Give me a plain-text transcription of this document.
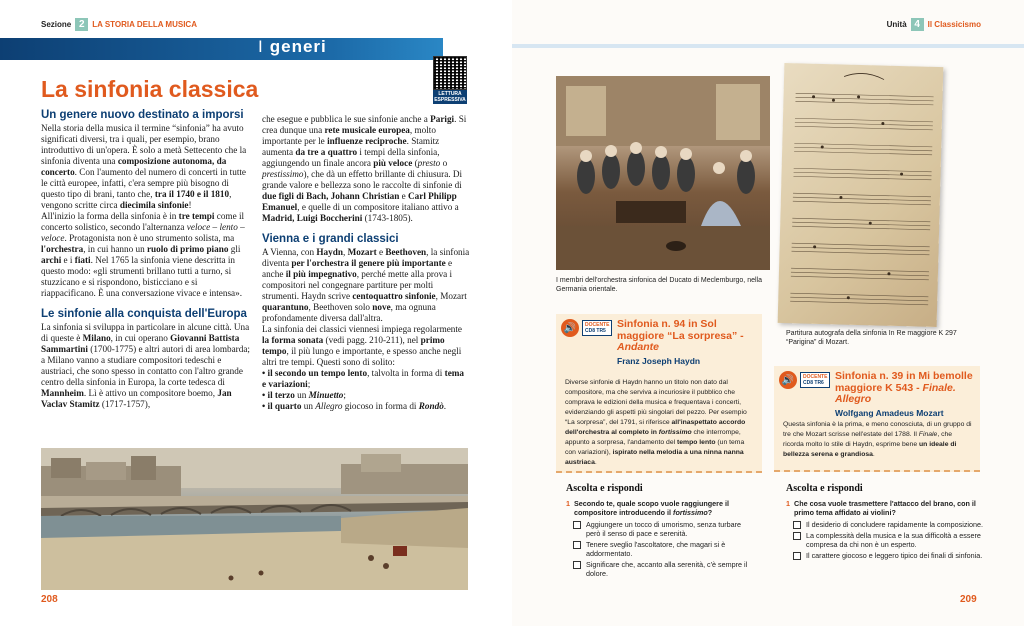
Sezione 2 LA STORIA DELLA MUSICA
I generi
LETTURA
ESPRESSIVA
La sinfonia classica
Un genere nuovo destinato a imporsi

Nella storia della musica il termine “sinfonia” ha avuto significati diversi, tra i quali, per esempio, brano introduttivo di un'opera. È solo a metà Settecento che la sinfonia diventa una composizione autonoma, da concerto. Con l'aumento del numero di concerti in tutte le città europee, infatti, c'era sempre più bisogno di questo tipo di brani, tanto che, tra il 1740 e il 1810, vengono scritte circa diecimila sinfonie!

All'inizio la forma della sinfonia è in tre tempi come il concerto solistico, secondo l'alternanza veloce – lento – veloce. Protagonista non è uno strumento solista, ma l'orchestra, in cui hanno un ruolo di primo piano gli archi e i fiati. Nel 1765 la sinfonia viene descritta in questo modo: «gli strumenti brillano tutti a turno, si stuzzicano e si rispondono, bisticciano e si riappacificano. È una conversazione vivace e intensa».

Le sinfonie alla conquista dell'Europa

La sinfonia si sviluppa in particolare in alcune città. Una di queste è Milano, in cui operano Giovanni Battista Sammartini (1700-1775) e altri autori di area lombarda; a Milano vanno a studiare compositori tedeschi e austriaci, che sono spesso in contatto con l'altro grande centro della sinfonia in Europa, la corte tedesca di Mannheim. Lì è attivo un compositore boemo, Jan Vaclav Stamitz (1717-1757),

che esegue e pubblica le sue sinfonie anche a Parigi. Si crea dunque una rete musicale europea, molto importante per le influenze reciproche. Stamitz aumenta da tre a quattro i tempi della sinfonia, aggiungendo un finale ancora più veloce (presto o prestissimo), che dà un effetto brillante di chiusura. Di grande valore e bellezza sono le raccolte di sinfonie di due figli di Bach, Johann Christian e Carl Philipp Emanuel, e quelle di un compositore italiano attivo a Madrid, Luigi Boccherini (1743-1805).

Vienna e i grandi classici

A Vienna, con Haydn, Mozart e Beethoven, la sinfonia diventa per l'orchestra il genere più importante e anche il più impegnativo, perché mette alla prova i compositori nel congegnare partiture per molti strumenti. Haydn scrive centoquattro sinfonie, Mozart quarantuno, Beethoven solo nove, ma ognuna profondamente diversa dall'altra.

La sinfonia dei classici viennesi impiega regolarmente la forma sonata (vedi pagg. 210-211), nel primo tempo, il più lungo e importante, e spesso anche negli altri tre tempi. Questi sono di solito:

• il secondo un tempo lento, talvolta in forma di tema e variazioni;
• il terzo un Minuetto;
• il quarto un Allegro giocoso in forma di Rondò.
208
Unità 4 Il Classicismo
209
I membri dell'orchestra sinfonica del Ducato di Meclemburgo, nella Germania orientale.
Partitura autografa della sinfonia In Re maggiore K 297 “Parigina” di Mozart.
🔊	DOCENTE
CD8 TR5
Sinfonia n. 94 in Sol maggiore “La sorpresa” - Andante
Franz Joseph Haydn
Diverse sinfonie di Haydn hanno un titolo non dato dal compositore, ma che serviva a incuriosire il pubblico che comprava le edizioni della musica e frequentava i concerti, evidenziando gli aspetti più singolari del pezzo. Per esempio “La sorpresa”, del 1791, si riferisce all'inaspettato accordo dell'orchestra al completo in fortissimo che interrompe, appunto a sorpresa, l'andamento del tempo lento (un tema con variazioni), ispirato nella melodia a una ninna nanna austriaca.
🔊	DOCENTE
CD8 TR6
Sinfonia n. 39 in Mi bemolle maggiore K 543 - Finale. Allegro
Wolfgang Amadeus Mozart
Questa sinfonia è la prima, e meno conosciuta, di un gruppo di tre che Mozart scrisse nell'estate del 1788. Il Finale, che ricorda molto lo stile di Haydn, esprime bene un ideale di bellezza serena e grandiosa.
Ascolta e rispondi
1 Secondo te, quale scopo vuole raggiungere il compositore introducendo il fortissimo?
Aggiungere un tocco di umorismo, senza turbare però il senso di pace e serenità.
Tenere sveglio l'ascoltatore, che magari si è addormentato.
Significare che, accanto alla serenità, c'è sempre il dolore.
Ascolta e rispondi
1 Che cosa vuole trasmettere l'attacco del brano, con il primo tema affidato ai violini?
Il desiderio di concludere rapidamente la composizione.
La complessità della musica e la sua difficoltà a essere compresa da chi non è un esperto.
Il carattere giocoso e leggero tipico dei finali di sinfonia.
